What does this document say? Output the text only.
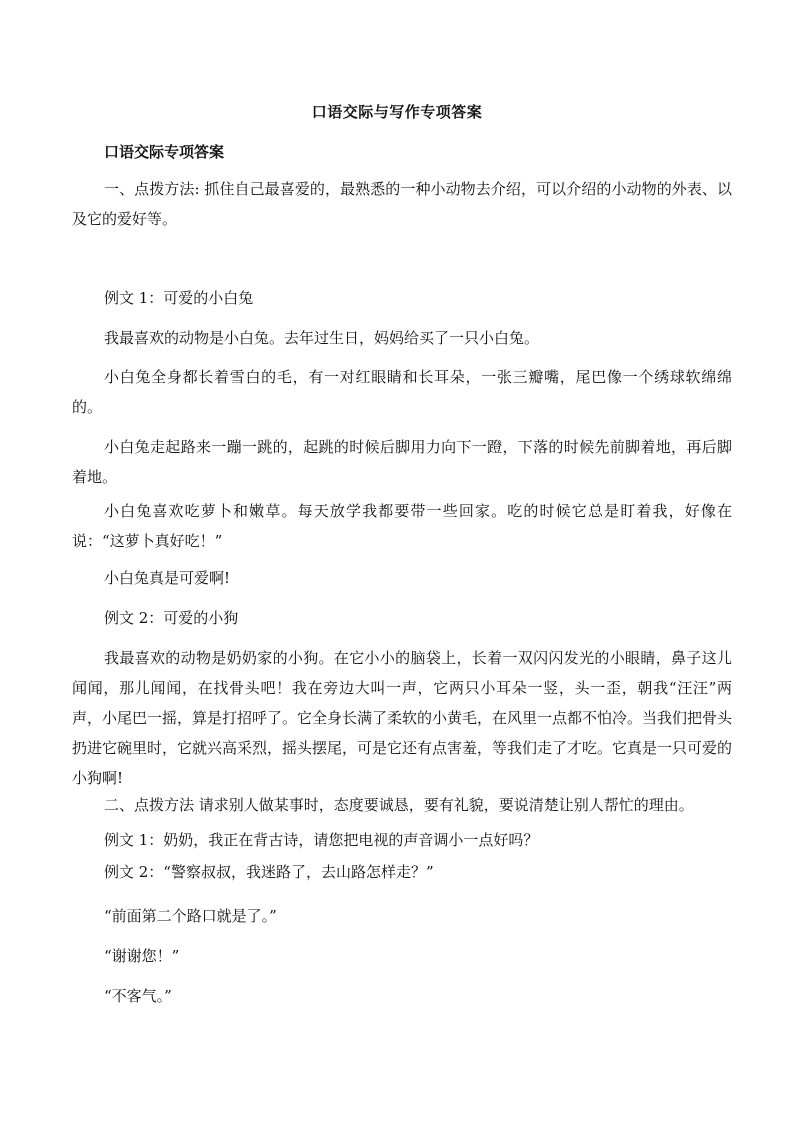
口语交际与写作专项答案
口语交际专项答案

一、点拨方法: 抓住自己最喜爱的，最熟悉的一种小动物去介绍，可以介绍的小动物的外表、以及它的爱好等。

例文 1：可爱的小白兔

我最喜欢的动物是小白兔。去年过生日，妈妈给买了一只小白兔。

小白兔全身都长着雪白的毛，有一对红眼睛和长耳朵，一张三瓣嘴，尾巴像一个绣球软绵绵的。

小白兔走起路来一蹦一跳的，起跳的时候后脚用力向下一蹬，下落的时候先前脚着地，再后脚着地。

小白兔喜欢吃萝卜和嫩草。每天放学我都要带一些回家。吃的时候它总是盯着我，好像在说：“这萝卜真好吃！”

小白兔真是可爱啊!

例文 2：可爱的小狗

我最喜欢的动物是奶奶家的小狗。在它小小的脑袋上，长着一双闪闪发光的小眼睛，鼻子这儿闻闻，那儿闻闻，在找骨头吧！我在旁边大叫一声，它两只小耳朵一竖，头一歪，朝我“汪汪”两声，小尾巴一摇，算是打招呼了。它全身长满了柔软的小黄毛，在风里一点都不怕冷。当我们把骨头扔进它碗里时，它就兴高采烈，摇头摆尾，可是它还有点害羞，等我们走了才吃。它真是一只可爱的小狗啊!

二、点拨方法 请求别人做某事时，态度要诚恳，要有礼貌，要说清楚让别人帮忙的理由。

例文 1：奶奶，我正在背古诗，请您把电视的声音调小一点好吗？

例文 2：“警察叔叔，我迷路了，去山路怎样走？”

“前面第二个路口就是了。”

“谢谢您！”

“不客气。”
